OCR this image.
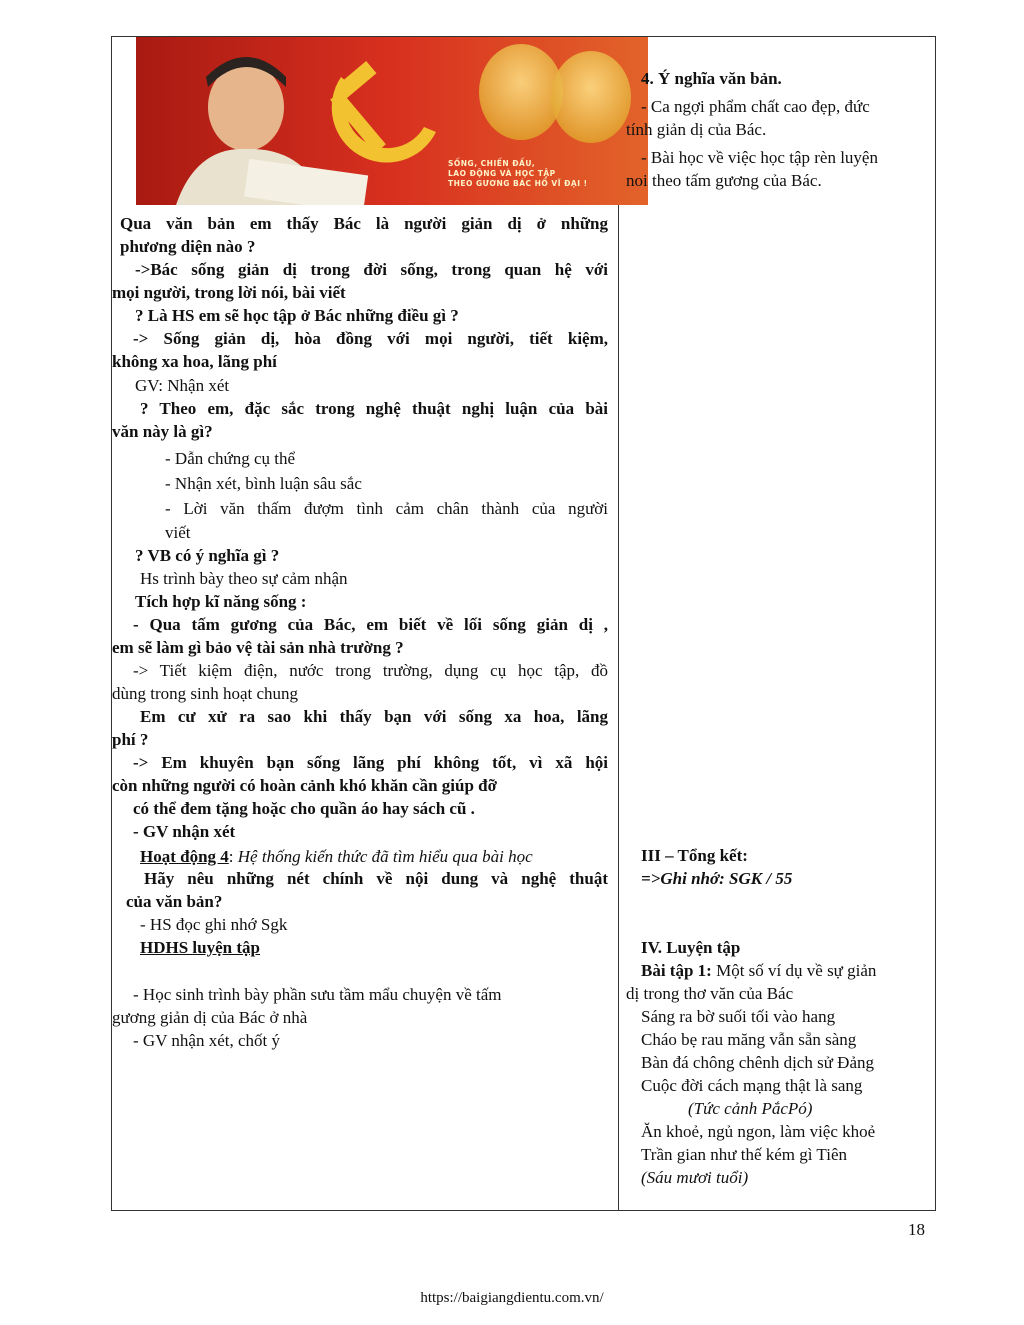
SỐNG, CHIẾN ĐẤU,
LAO ĐỘNG VÀ HỌC TẬP
THEO GƯƠNG BÁC HỒ VĨ ĐẠI !
Qua văn bản em thấy Bác là người giản dị ở những
phương diện nào ?
->Bác sống giản dị trong đời sống, trong quan hệ với
mọi người, trong lời nói, bài viết
? Là HS em sẽ học tập ở Bác những điều gì ?
-> Sống giản dị, hòa đồng với mọi người, tiết kiệm,
không xa hoa, lãng phí
GV: Nhận xét
? Theo em, đặc sắc trong nghệ thuật nghị luận của bài
văn này là gì?
- Dẫn chứng cụ thể
- Nhận xét, bình luận sâu sắc
- Lời văn thấm đượm tình cảm chân thành của người
viết
? VB có ý nghĩa gì ?
Hs trình bày theo sự cảm nhận
Tích hợp kĩ năng sống :
- Qua tấm gương của Bác, em biết về lối sống giản dị ,
em sẽ làm gì bảo vệ tài sản nhà trường ?
-> Tiết kiệm điện, nước trong trường, dụng cụ học tập, đồ
dùng trong sinh hoạt chung
Em cư xử ra sao khi thấy bạn với sống xa hoa, lãng
phí ?
-> Em khuyên bạn sống lãng phí không tốt, vì xã hội
còn những người có hoàn cảnh khó khăn cần giúp đỡ
có thể đem tặng hoặc cho quần áo hay sách cũ .
- GV nhận xét
Hoạt động 4: Hệ thống kiến thức đã tìm hiểu qua bài học
Hãy nêu những nét chính về nội dung và nghệ thuật
của văn bản?
- HS đọc ghi nhớ Sgk
HDHS luyện tập
- Học sinh trình bày phần sưu tầm mẩu chuyện về tấm
gương giản dị của Bác ở nhà
- GV nhận xét, chốt ý
4. Ý nghĩa văn bản.
- Ca ngợi phẩm chất cao đẹp, đức
tính giản dị của Bác.
- Bài học về việc học tập rèn luyện
noi theo tấm gương của Bác.
III – Tổng kết:
=>Ghi nhớ: SGK / 55
IV. Luyện tập
Bài tập 1: Một số ví dụ về sự giản
dị trong thơ văn của Bác
Sáng ra bờ suối tối vào hang
Cháo bẹ rau măng vẫn sẵn sàng
Bàn đá chông chênh dịch sử Đảng
Cuộc đời cách mạng thật là sang
(Tức cảnh PắcPó)
Ăn khoẻ, ngủ ngon, làm việc khoẻ
Trần gian như thế kém gì Tiên
(Sáu mươi tuổi)
18
https://baigiangdientu.com.vn/
